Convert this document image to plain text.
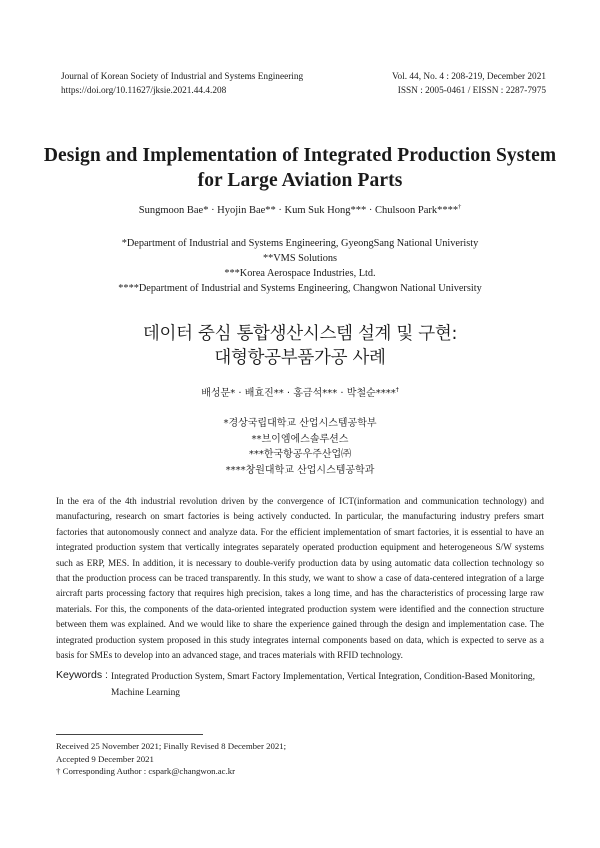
Journal of Korean Society of Industrial and Systems Engineering
https://doi.org/10.11627/jksie.2021.44.4.208
Vol. 44, No. 4 : 208-219, December 2021
ISSN : 2005-0461 / EISSN : 2287-7975
Design and Implementation of Integrated Production System
for Large Aviation Parts
Sungmoon Bae* · Hyojin Bae** · Kum Suk Hong*** · Chulsoon Park****†
*Department of Industrial and Systems Engineering, GyeongSang National Univeristy
**VMS Solutions
***Korea Aerospace Industries, Ltd.
****Department of Industrial and Systems Engineering, Changwon National University
데이터 중심 통합생산시스템 설계 및 구현:
대형항공부품가공 사례
배성문* · 배효진** · 홍금석*** · 박철순****†
*경상국립대학교 산업시스템공학부
**브이엠에스솔루션스
***한국항공우주산업㈜
****창원대학교 산업시스템공학과

In the era of the 4th industrial revolution driven by the convergence of ICT(information and communication technology) and manufacturing, research on smart factories is being actively conducted. In particular, the manufacturing industry prefers smart factories that autonomously connect and analyze data. For the efficient implementation of smart factories, it is essential to have an integrated production system that vertically integrates separately operated production equipment and heterogeneous S/W systems such as ERP, MES. In addition, it is necessary to double-verify production data by using automatic data collection technology so that the production process can be traced transparently. In this study, we want to show a case of data-centered integration of a large aircraft parts processing factory that requires high precision, takes a long time, and has the characteristics of processing large raw materials. For this, the components of the data-oriented integrated production system were identified and the connection structure between them was explained. And we would like to share the experience gained through the design and implementation case. The integrated production system proposed in this study integrates internal components based on data, which is expected to serve as a basis for SMEs to develop into an advanced stage, and traces materials with RFID technology.

Keywords : Integrated Production System, Smart Factory Implementation, Vertical Integration, Condition-Based Monitoring, Machine Learning

Received 25 November 2021; Finally Revised 8 December 2021;
Accepted 9 December 2021
† Corresponding Author : cspark@changwon.ac.kr
